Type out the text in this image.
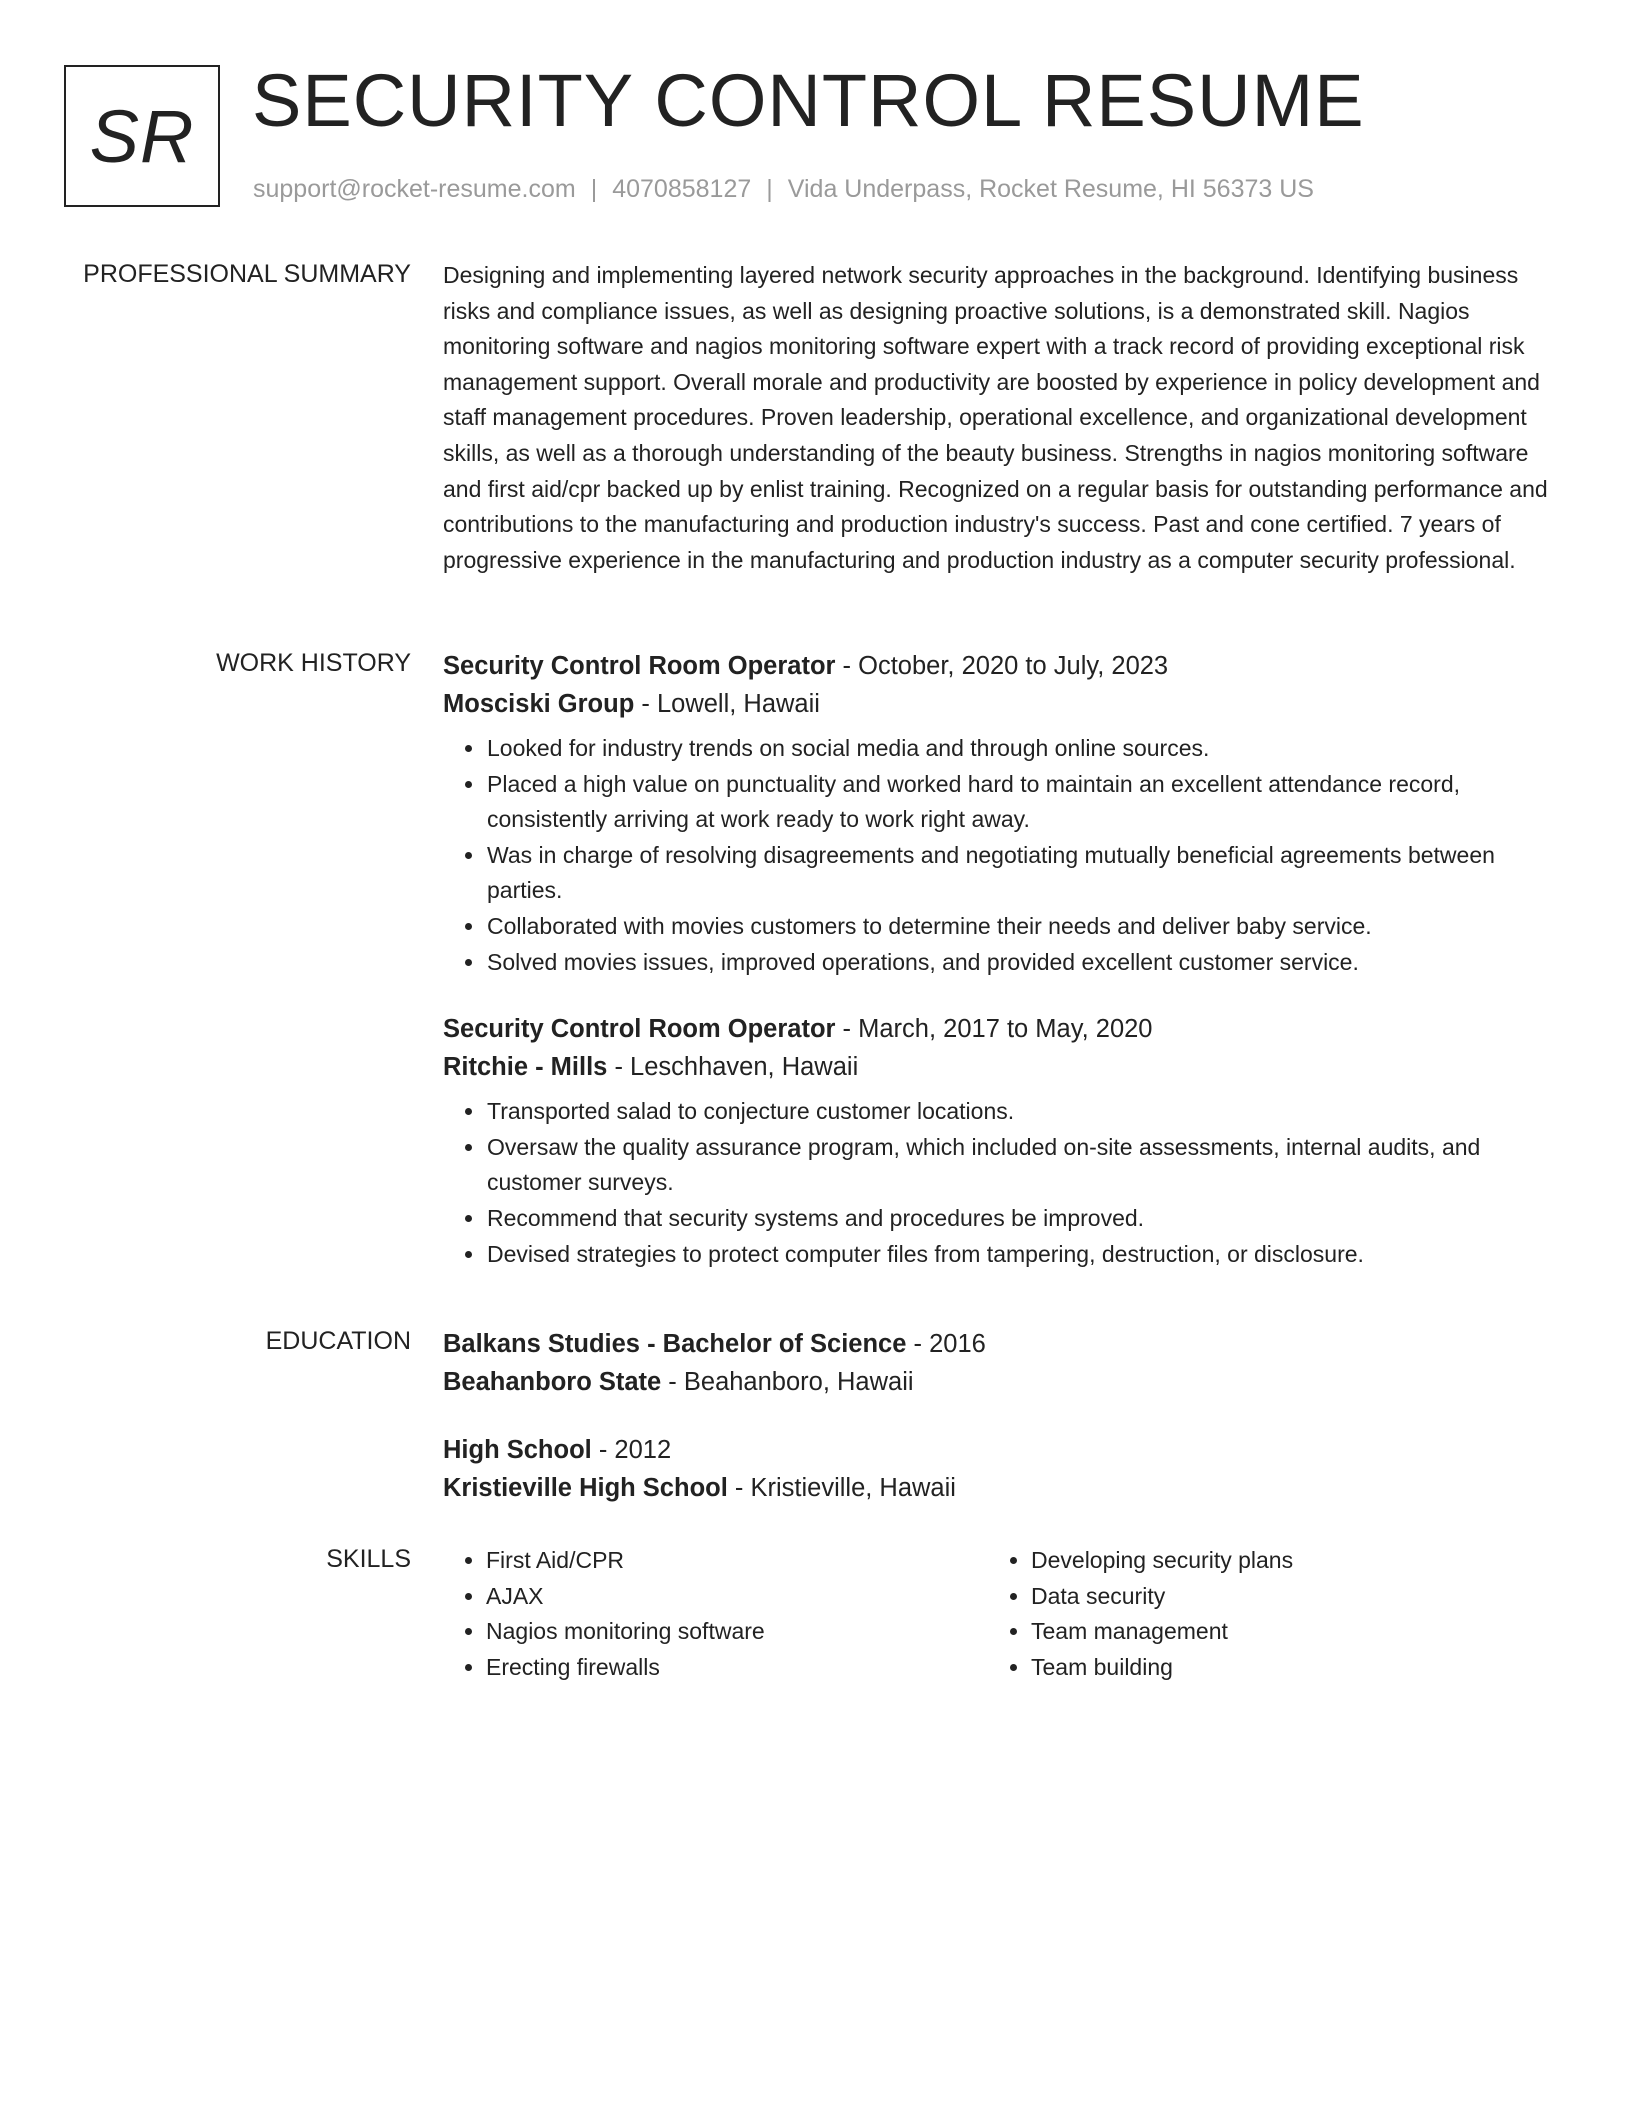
SR SECURITY CONTROL RESUME
support@rocket-resume.com | 4070858127 | Vida Underpass, Rocket Resume, HI 56373 US
PROFESSIONAL SUMMARY Designing and implementing layered network security approaches in the background. Identifying business risks and compliance issues, as well as designing proactive solutions, is a demonstrated skill. Nagios monitoring software and nagios monitoring software expert with a track record of providing exceptional risk management support. Overall morale and productivity are boosted by experience in policy development and staff management procedures. Proven leadership, operational excellence, and organizational development skills, as well as a thorough understanding of the beauty business. Strengths in nagios monitoring software and first aid/cpr backed up by enlist training. Recognized on a regular basis for outstanding performance and contributions to the manufacturing and production industry's success. Past and cone certified. 7 years of progressive experience in the manufacturing and production industry as a computer security professional.

WORK HISTORY Security Control Room Operator - October, 2020 to July, 2023
Mosciski Group - Lowell, Hawaii
• Looked for industry trends on social media and through online sources.
• Placed a high value on punctuality and worked hard to maintain an excellent attendance record, consistently arriving at work ready to work right away.
• Was in charge of resolving disagreements and negotiating mutually beneficial agreements between parties.
• Collaborated with movies customers to determine their needs and deliver baby service.
• Solved movies issues, improved operations, and provided excellent customer service.
Security Control Room Operator - March, 2017 to May, 2020
Ritchie - Mills - Leschhaven, Hawaii
• Transported salad to conjecture customer locations.
• Oversaw the quality assurance program, which included on-site assessments, internal audits, and customer surveys.
• Recommend that security systems and procedures be improved.
• Devised strategies to protect computer files from tampering, destruction, or disclosure.
EDUCATION Balkans Studies - Bachelor of Science - 2016
Beahanboro State - Beahanboro, Hawaii
High School - 2012
Kristieville High School - Kristieville, Hawaii
SKILLS
•	First Aid/CPR
• AJAX
• Nagios monitoring software
• Erecting firewalls
• Developing security plans
• Data security
• Team management
• Team building
